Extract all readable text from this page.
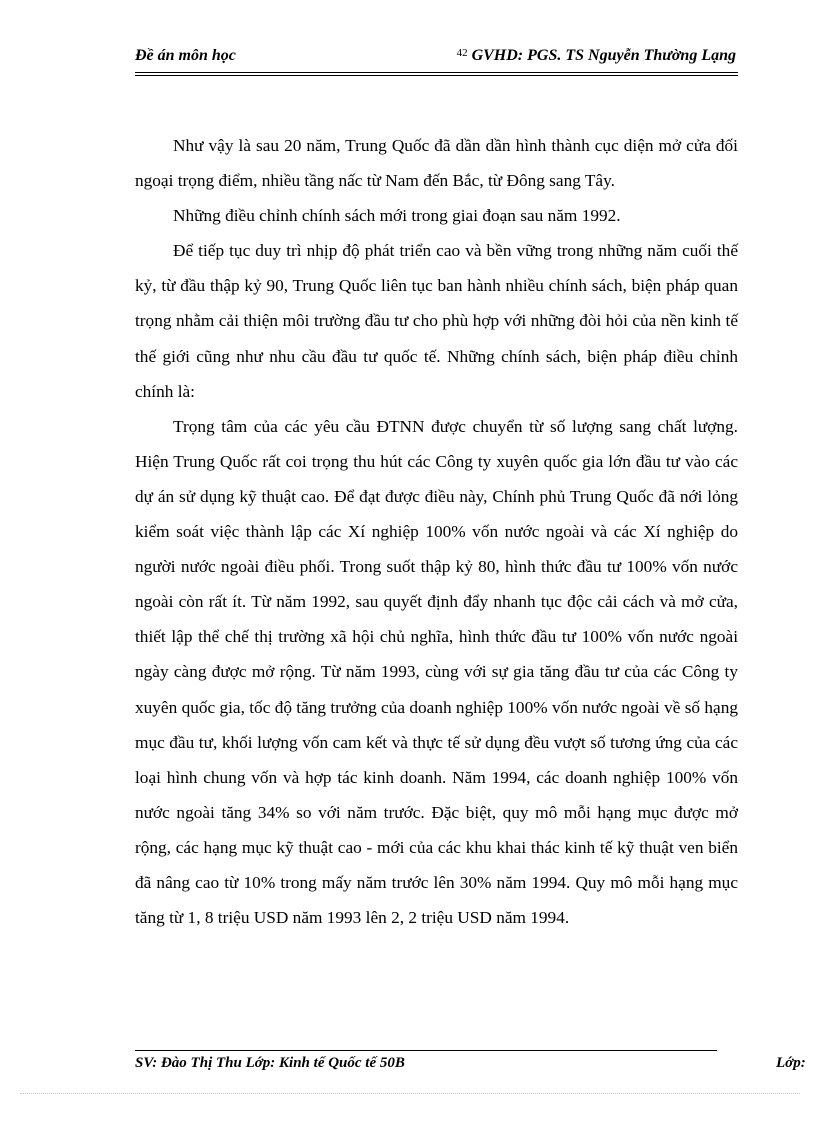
Đề án môn học	$^{42}$ GVHD: PGS. TS Nguyễn Thường Lạng

Như vậy là sau 20 năm, Trung Quốc đã dần dần hình thành cục diện mở cửa đối ngoại trọng điểm, nhiều tầng nấc từ Nam đến Bắc, từ Đông sang Tây.

Những điều chỉnh chính sách mới trong giai đoạn sau năm 1992.

Để tiếp tục duy trì nhịp độ phát triển cao và bền vững trong những năm cuối thế kỷ, từ đầu thập kỷ 90, Trung Quốc liên tục ban hành nhiều chính sách, biện pháp quan trọng nhằm cải thiện môi trường đầu tư cho phù hợp với những đòi hỏi của nền kinh tế thế giới cũng như nhu cầu đầu tư quốc tế. Những chính sách, biện pháp điều chỉnh chính là:

Trọng tâm của các yêu cầu ĐTNN được chuyển từ số lượng sang chất lượng. Hiện Trung Quốc rất coi trọng thu hút các Công ty xuyên quốc gia lớn đầu tư vào các dự án sử dụng kỹ thuật cao. Để đạt được điều này, Chính phủ Trung Quốc đã nới lỏng kiểm soát việc thành lập các Xí nghiệp 100% vốn nước ngoài và các Xí nghiệp do người nước ngoài điều phối. Trong suốt thập kỷ 80, hình thức đầu tư 100% vốn nước ngoài còn rất ít. Từ năm 1992, sau quyết định đẩy nhanh tục độc cải cách và mở cửa, thiết lập thể chế thị trường xã hội chủ nghĩa, hình thức đầu tư 100% vốn nước ngoài ngày càng được mở rộng. Từ năm 1993, cùng với sự gia tăng đầu tư của các Công ty xuyên quốc gia, tốc độ tăng trưởng của doanh nghiệp 100% vốn nước ngoài về số hạng mục đầu tư, khối lượng vốn cam kết và thực tế sử dụng đều vượt số tương ứng của các loại hình chung vốn và hợp tác kinh doanh. Năm 1994, các doanh nghiệp 100% vốn nước ngoài tăng 34% so với năm trước. Đặc biệt, quy mô mỗi hạng mục được mở rộng, các hạng mục kỹ thuật cao - mới của các khu khai thác kinh tế kỹ thuật ven biển đã nâng cao từ 10% trong mấy năm trước lên 30% năm 1994. Quy mô mỗi hạng mục tăng từ 1, 8 triệu USD năm 1993 lên 2, 2 triệu USD năm 1994.

SV: Đào Thị Thu Lớp: Kinh tế Quốc tế 50B	Lớp:
